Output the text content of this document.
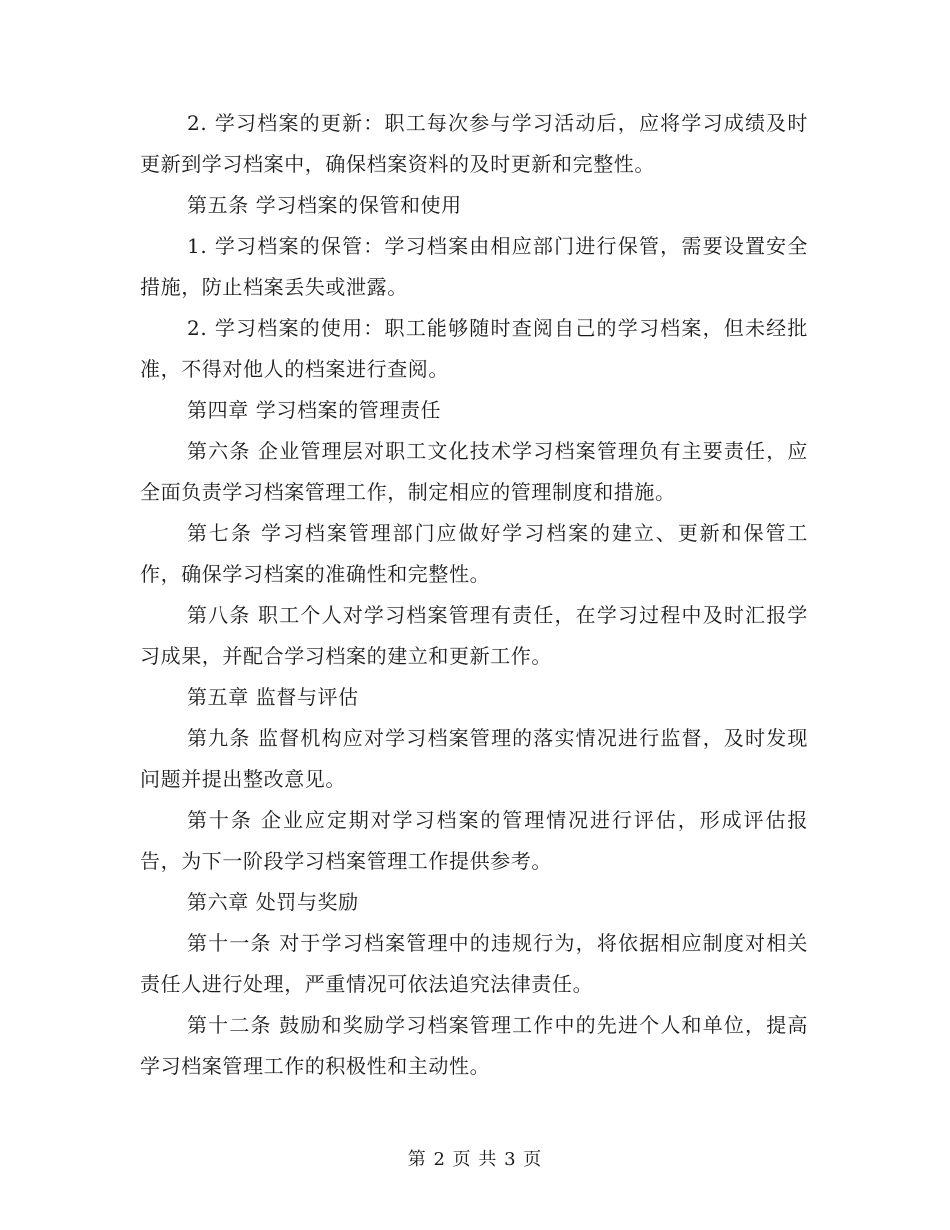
2. 学习档案的更新：职工每次参与学习活动后，应将学习成绩及时更新到学习档案中，确保档案资料的及时更新和完整性。

第五条 学习档案的保管和使用

1. 学习档案的保管：学习档案由相应部门进行保管，需要设置安全措施，防止档案丢失或泄露。

2. 学习档案的使用：职工能够随时查阅自己的学习档案，但未经批准，不得对他人的档案进行查阅。

第四章 学习档案的管理责任

第六条 企业管理层对职工文化技术学习档案管理负有主要责任，应全面负责学习档案管理工作，制定相应的管理制度和措施。

第七条 学习档案管理部门应做好学习档案的建立、更新和保管工作，确保学习档案的准确性和完整性。

第八条 职工个人对学习档案管理有责任，在学习过程中及时汇报学习成果，并配合学习档案的建立和更新工作。

第五章 监督与评估

第九条 监督机构应对学习档案管理的落实情况进行监督，及时发现问题并提出整改意见。

第十条 企业应定期对学习档案的管理情况进行评估，形成评估报告，为下一阶段学习档案管理工作提供参考。

第六章 处罚与奖励

第十一条 对于学习档案管理中的违规行为，将依据相应制度对相关责任人进行处理，严重情况可依法追究法律责任。

第十二条 鼓励和奖励学习档案管理工作中的先进个人和单位，提高学习档案管理工作的积极性和主动性。

第 2 页 共 3 页
